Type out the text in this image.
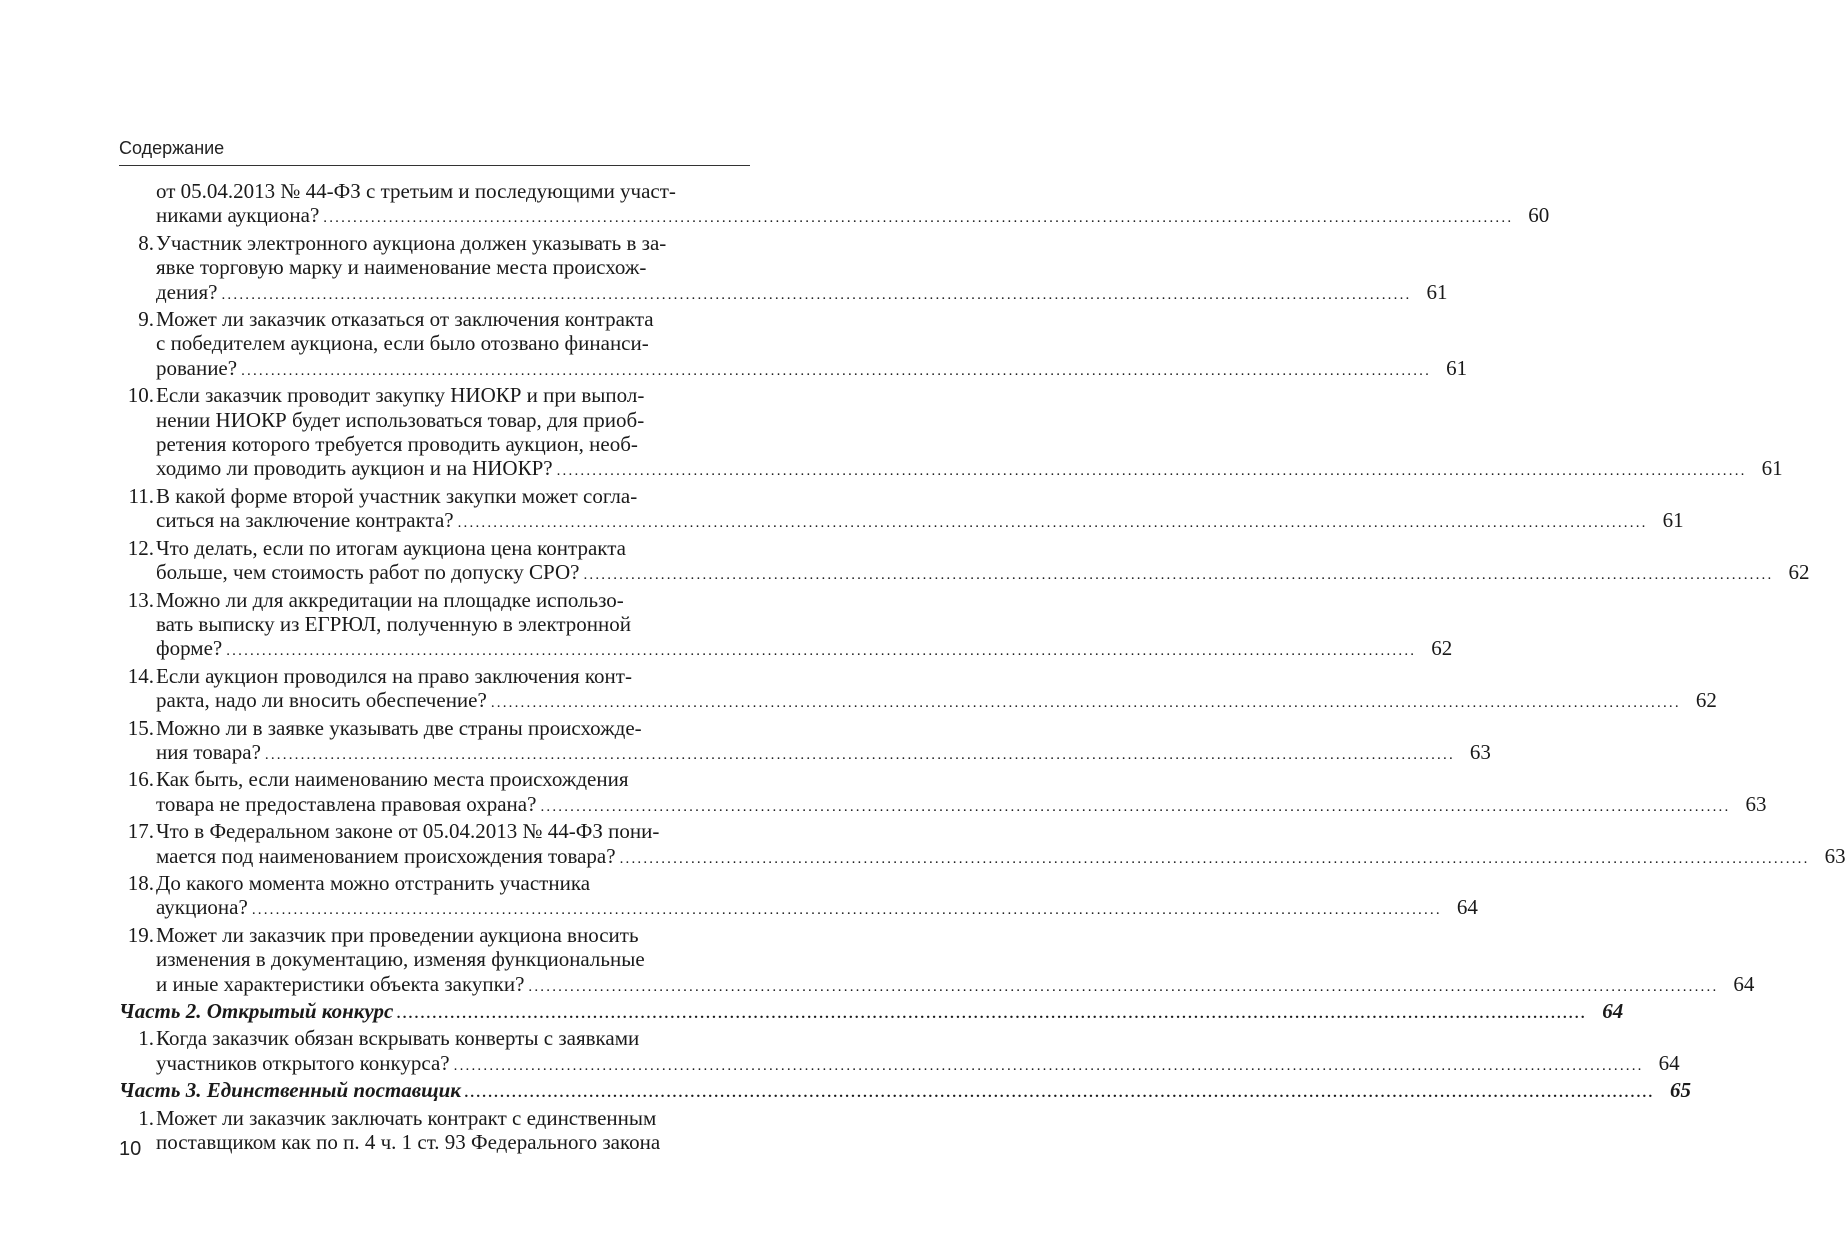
Содержание
от 05.04.2013 № 44-ФЗ с третьим и последующими участ-
никами аукциона? ........................................................................................................................................................................................................ 60
8. Участник электронного аукциона должен указывать в за-
явке торговую марку и наименование места происхож-
дения? ........................................................................................................................................................................................................ 61
9. Может ли заказчик отказаться от заключения контракта
с победителем аукциона, если было отозвано финанси-
рование? ........................................................................................................................................................................................................ 61
10. Если заказчик проводит закупку НИОКР и при выпол-
нении НИОКР будет использоваться товар, для приоб-
ретения которого требуется проводить аукцион, необ-
ходимо ли проводить аукцион и на НИОКР? ........................................................................................................................................................................................................ 61
11. В какой форме второй участник закупки может согла-
ситься на заключение контракта? ........................................................................................................................................................................................................ 61
12. Что делать, если по итогам аукциона цена контракта
больше, чем стоимость работ по допуску СРО? ........................................................................................................................................................................................................ 62
13. Можно ли для аккредитации на площадке использо-
вать выписку из ЕГРЮЛ, полученную в электронной
форме? ........................................................................................................................................................................................................ 62
14. Если аукцион проводился на право заключения конт-
ракта, надо ли вносить обеспечение? ........................................................................................................................................................................................................ 62
15. Можно ли в заявке указывать две страны происхожде-
ния товара? ........................................................................................................................................................................................................ 63
16. Как быть, если наименованию места происхождения
товара не предоставлена правовая охрана? ........................................................................................................................................................................................................ 63
17. Что в Федеральном законе от 05.04.2013 № 44-ФЗ пони-
мается под наименованием происхождения товара? ........................................................................................................................................................................................................ 63
18. До какого момента можно отстранить участника
аукциона? ........................................................................................................................................................................................................ 64
19. Может ли заказчик при проведении аукциона вносить
изменения в документацию, изменяя функциональные
и иные характеристики объекта закупки? ........................................................................................................................................................................................................ 64
Часть 2. Открытый конкурс ........................................................................................................................................................................................................ 64
1. Когда заказчик обязан вскрывать конверты с заявками
участников открытого конкурса? ........................................................................................................................................................................................................ 64
Часть 3. Единственный поставщик ........................................................................................................................................................................................................ 65
1. Может ли заказчик заключать контракт с единственным
поставщиком как по п. 4 ч. 1 ст. 93 Федерального закона
10
